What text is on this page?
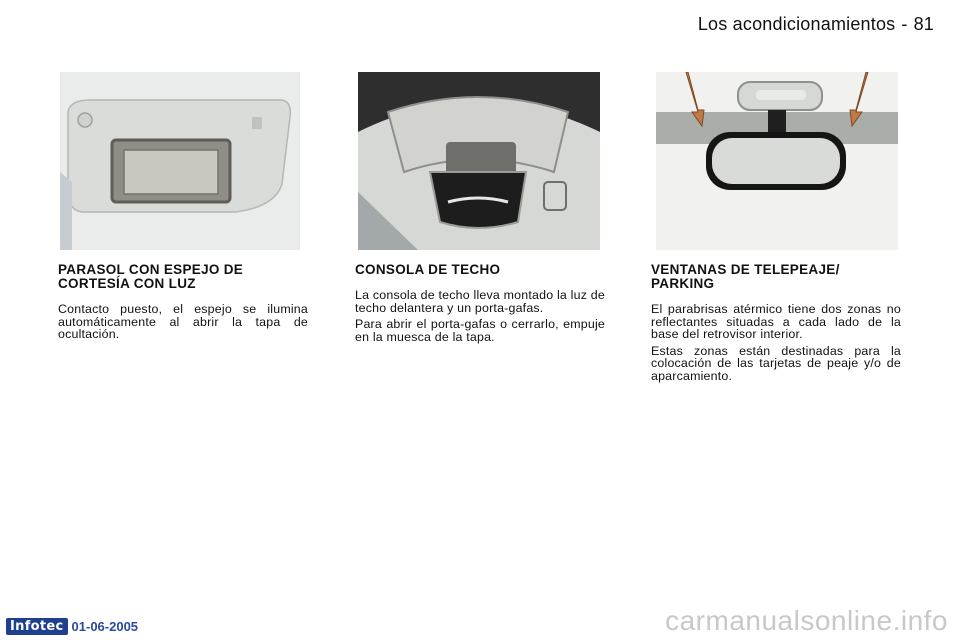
Los acondicionamientos - 81
PARASOL CON ESPEJO DE CORTESÍA CON LUZ

Contacto puesto, el espejo se ilumina automáticamente al abrir la tapa de ocultación.

CONSOLA DE TECHO

La consola de techo lleva montado la luz de techo delantera y un porta-gafas.

Para abrir el porta-gafas o cerrarlo, empuje en la muesca de la tapa.

VENTANAS DE TELEPEAJE/ PARKING

El parabrisas atérmico tiene dos zonas no reflectantes situadas a cada lado de la base del retrovisor interior.

Estas zonas están destinadas para la colocación de las tarjetas de peaje y/o de aparcamiento.

Infotec 01-06-2005	carmanualsonline.info
